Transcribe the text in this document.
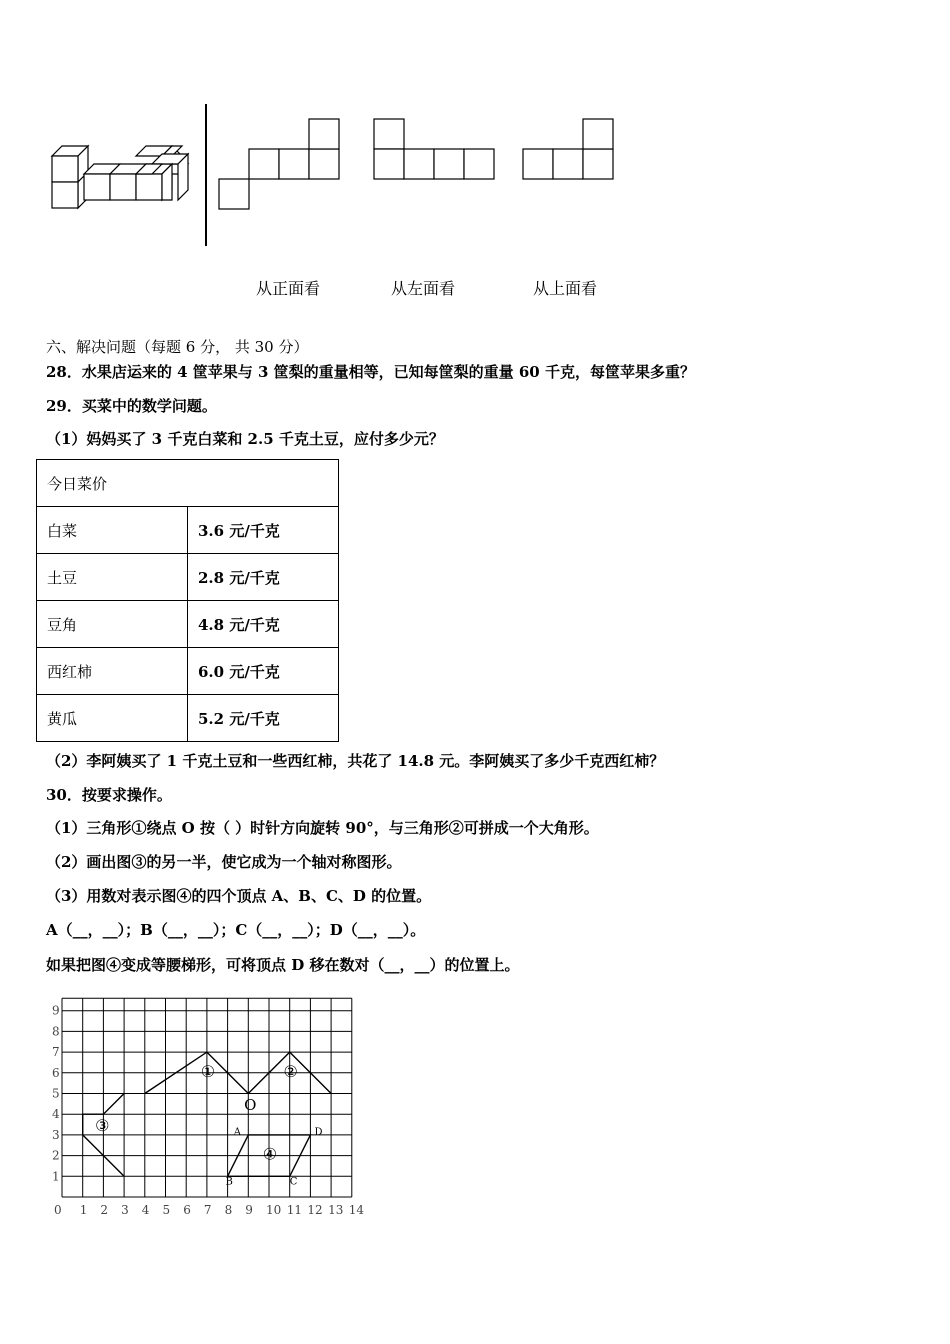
从正面看	从左面看	从上面看
六、解决问题（每题 6 分， 共 30 分）
28．水果店运来的 4 筐苹果与 3 筐梨的重量相等，已知每筐梨的重量 60 千克，每筐苹果多重？
29．买菜中的数学问题。
（1）妈妈买了 3 千克白菜和 2.5 千克土豆，应付多少元？
今日菜价	
白菜	3.6 元/千克
土豆	2.8 元/千克
豆角	4.8 元/千克
西红柿	6.0 元/千克
黄瓜	5.2 元/千克
（2）李阿姨买了 1 千克土豆和一些西红柿，共花了 14.8 元。李阿姨买了多少千克西红柿？
30．按要求操作。
（1）三角形①绕点 O 按（ ）时针方向旋转 90°，与三角形②可拼成一个大角形。
（2）画出图③的另一半，使它成为一个轴对称图形。
（3）用数对表示图④的四个顶点 A、B、C、D 的位置。
A（__，__）；B（__，__）；C（__，__）；D（__，__）。
如果把图④变成等腰梯形，可将顶点 D 移在数对（__，__）的位置上。
0 1 2 3 4 5 6 7 8 9 10 11 12 13 14
1
2
3
4
5
6
7
8
9
①	②
③
④
O
A
B	C
D
